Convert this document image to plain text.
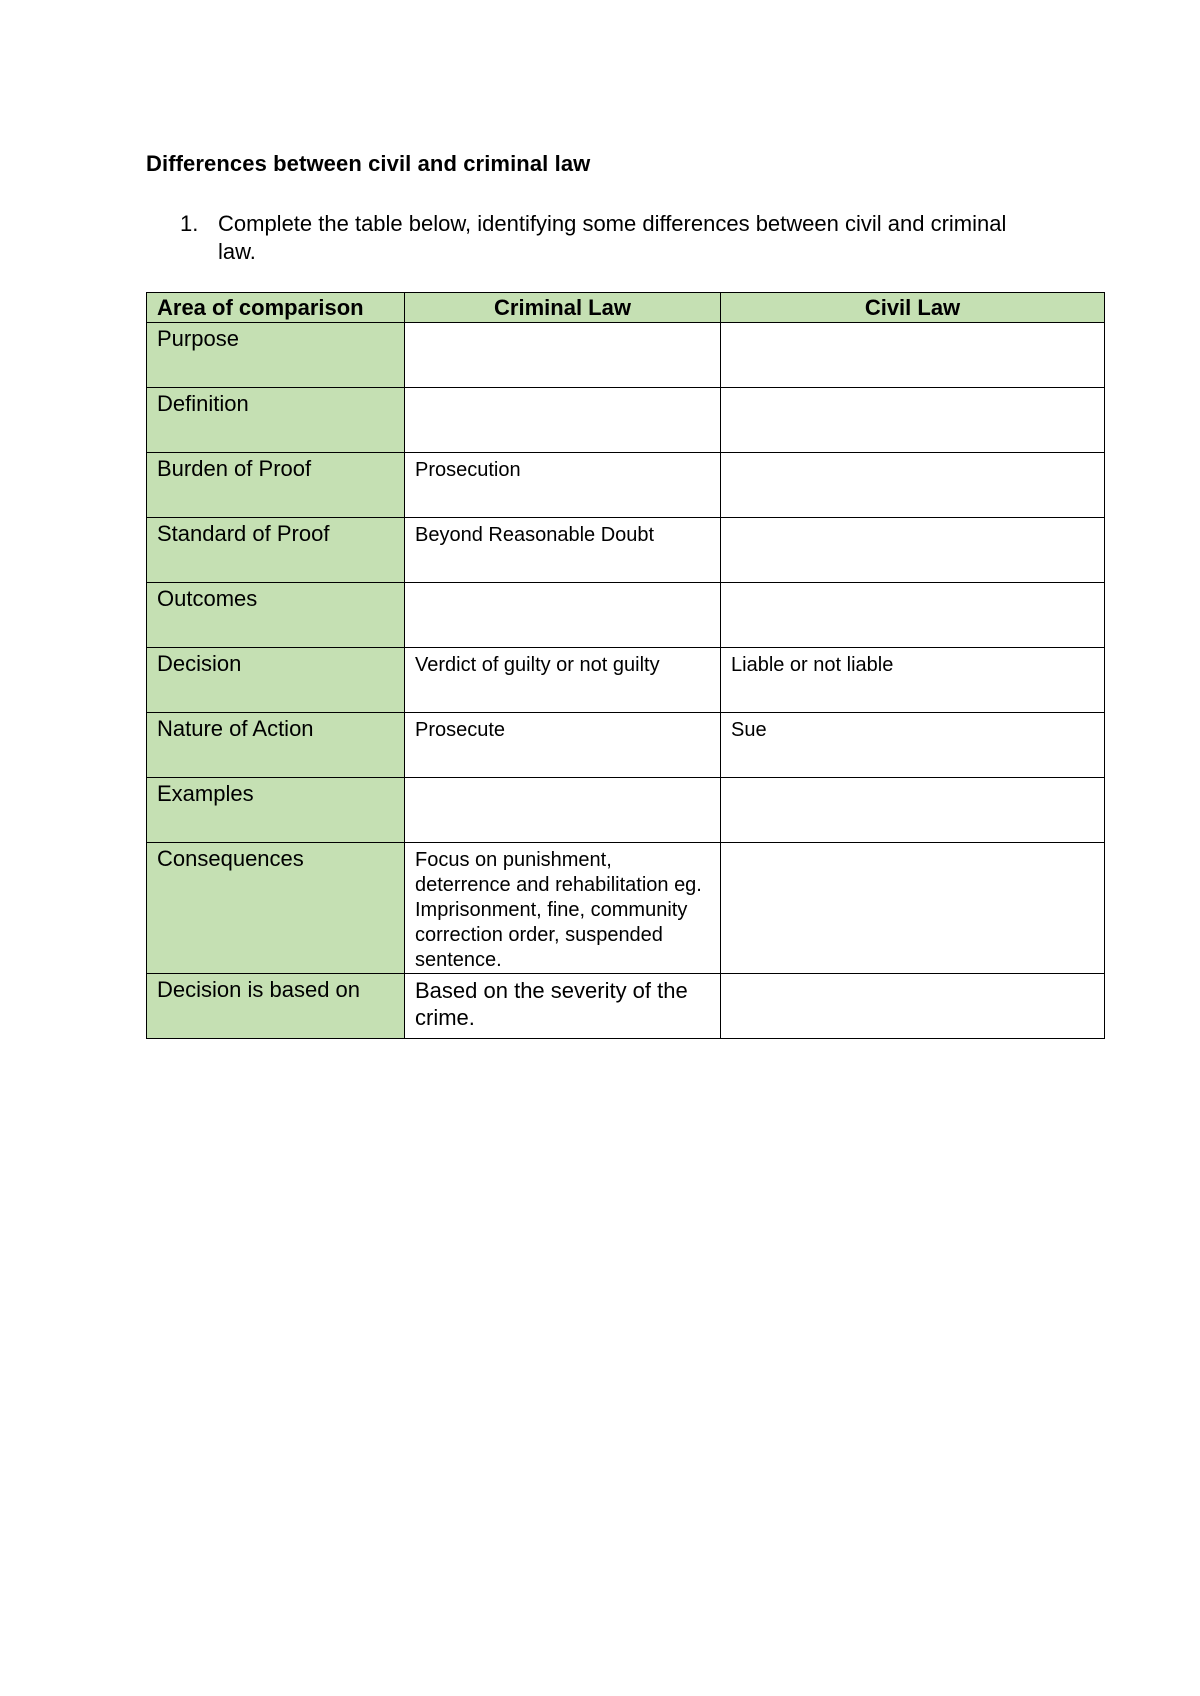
Differences between civil and criminal law
1. Complete the table below, identifying some differences between civil and criminal law.
Area of comparison	Criminal Law	Civil Law
Purpose		
Definition		
Burden of Proof	Prosecution	
Standard of Proof	Beyond Reasonable Doubt	
Outcomes		
Decision	Verdict of guilty or not guilty	Liable or not liable
Nature of Action	Prosecute	Sue
Examples		
Consequences	Focus on punishment, deterrence and rehabilitation eg. Imprisonment, fine, community correction order, suspended sentence.	
Decision is based on	Based on the severity of the crime.	
